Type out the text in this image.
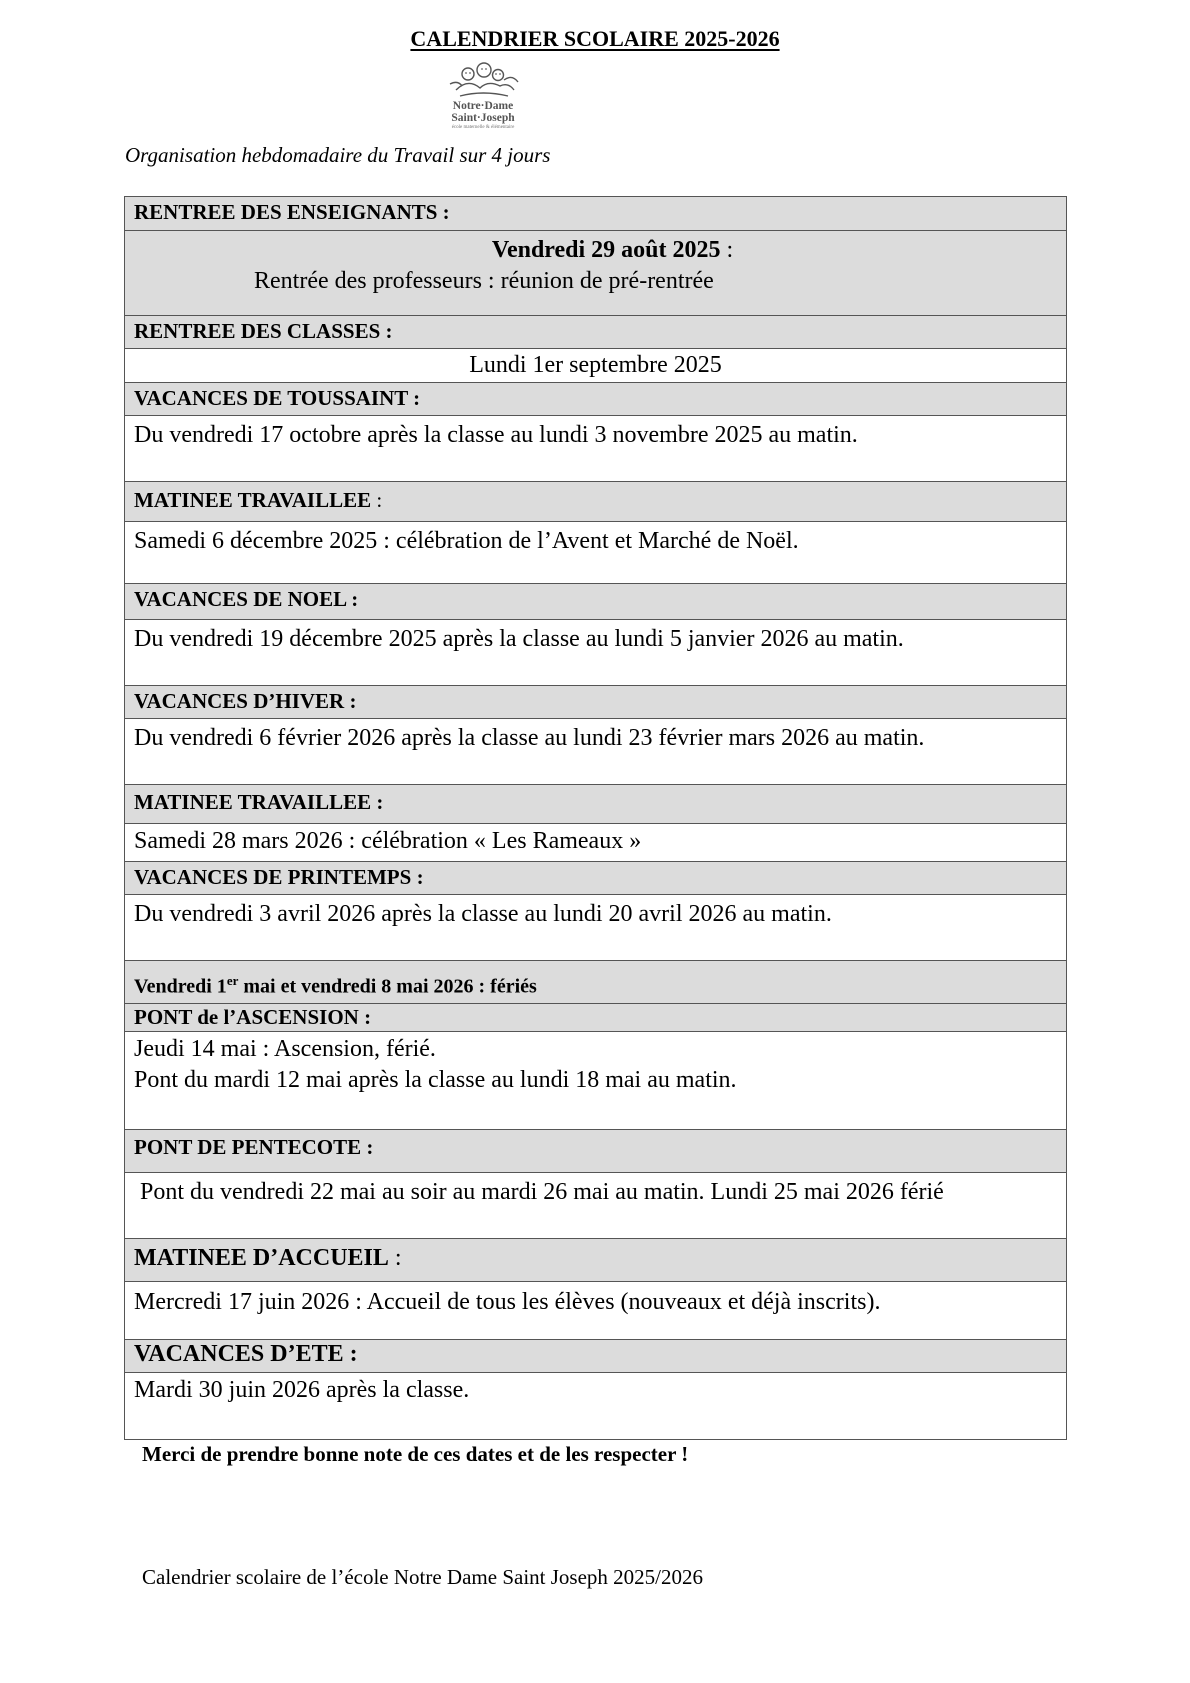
CALENDRIER SCOLAIRE 2025-2026
Notre·Dame
Saint·Joseph
école maternelle & élémentaire
Organisation hebdomadaire du Travail sur 4 jours
RENTREE DES ENSEIGNANTS :
Vendredi 29 août 2025 :
Rentrée des professeurs : réunion de pré-rentrée
RENTREE DES CLASSES :
Lundi 1er septembre 2025
VACANCES DE TOUSSAINT :
Du vendredi 17 octobre après la classe au lundi 3 novembre 2025 au matin.
MATINEE TRAVAILLEE :
Samedi 6 décembre 2025 : célébration de l’Avent et Marché de Noël.
VACANCES DE NOEL :
Du vendredi 19 décembre 2025 après la classe au lundi 5 janvier 2026 au matin.
VACANCES D’HIVER :
Du vendredi 6 février 2026 après la classe au lundi 23 février mars 2026 au matin.
MATINEE TRAVAILLEE :
Samedi 28 mars 2026 : célébration « Les Rameaux »
VACANCES DE PRINTEMPS :
Du vendredi 3 avril 2026 après la classe au lundi 20 avril 2026 au matin.
Vendredi 1er mai et vendredi 8 mai 2026 : fériés
PONT de l’ASCENSION :
Jeudi 14 mai : Ascension, férié.
Pont du mardi 12 mai après la classe au lundi 18 mai au matin.
PONT DE PENTECOTE :
Pont du vendredi 22 mai au soir au mardi 26 mai au matin. Lundi 25 mai 2026 férié
MATINEE D’ACCUEIL :
Mercredi 17 juin 2026 : Accueil de tous les élèves (nouveaux et déjà inscrits).
VACANCES D’ETE :
Mardi 30 juin 2026 après la classe.
Merci de prendre bonne note de ces dates et de les respecter !
Calendrier scolaire de l’école Notre Dame Saint Joseph 2025/2026
